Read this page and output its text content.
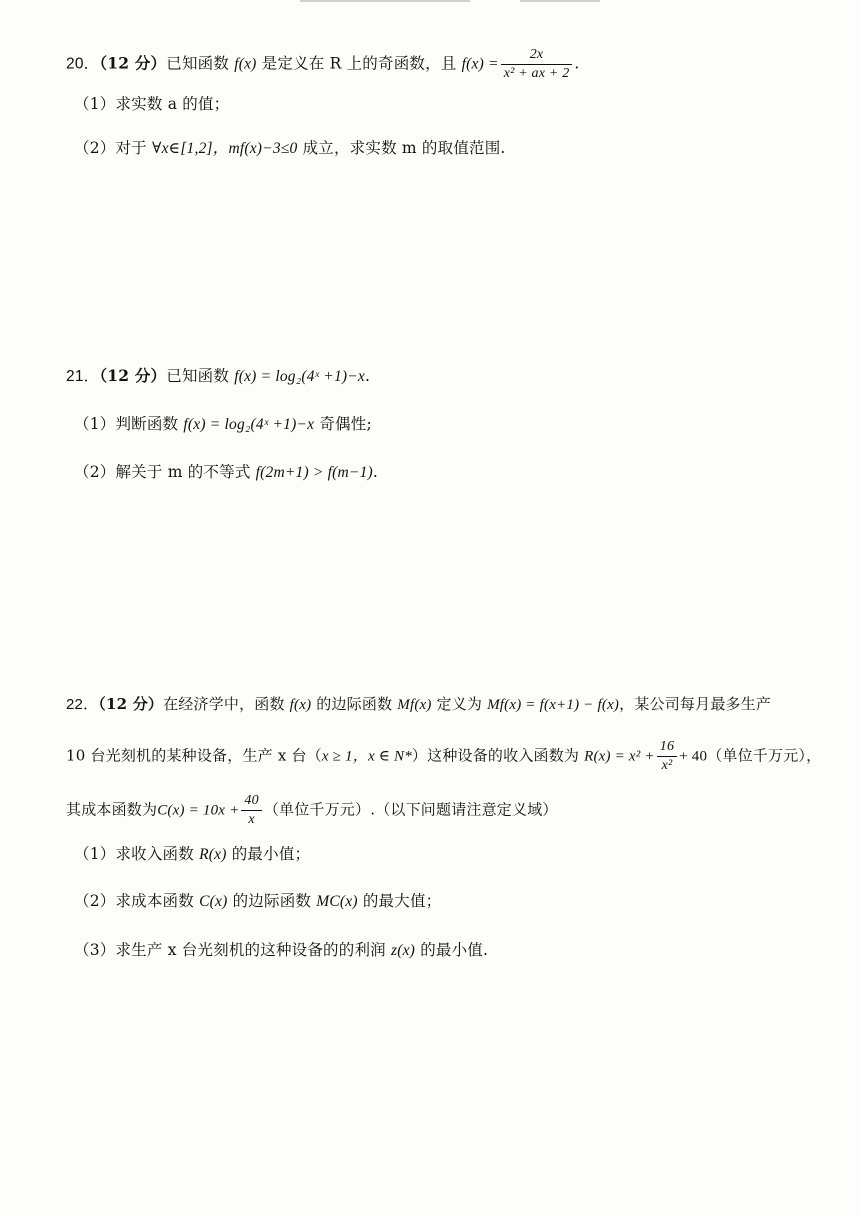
20．（12 分）已知函数 f(x) 是定义在 R 上的奇函数，且 $f(x) = \frac{2x}{\text{x² + ax + 2}}$ .
（1）求实数 a 的值；
（2）对于 ∀x∈[1,2]，mf(x)−3≤0 成立，求实数 m 的取值范围.
21．（12 分）已知函数 f(x) = log₂(4ˣ +1)−x.
（1）判断函数 f(x) = log₂(4ˣ +1)−x 奇偶性;
（2）解关于 m 的不等式 f(2m+1) > f(m−1).
22．（12 分）在经济学中，函数 f(x) 的边际函数 Mf(x) 定义为 Mf(x) = f(x+1) − f(x)，某公司每月最多生产
10 台光刻机的某种设备，生产 x 台（x ≥ 1，x ∈ N*）这种设备的收入函数为 $R(x) = x^2 + \frac{16}{\text{x²}} + 40$（单位千万元），
其成本函数为$C(x) = 10x + \frac{40}{x}$ （单位千万元）.（以下问题请注意定义域）
（1）求收入函数 R(x) 的最小值；
（2）求成本函数 C(x) 的边际函数 MC(x) 的最大值；
（3）求生产 x 台光刻机的这种设备的的利润 z(x) 的最小值.
